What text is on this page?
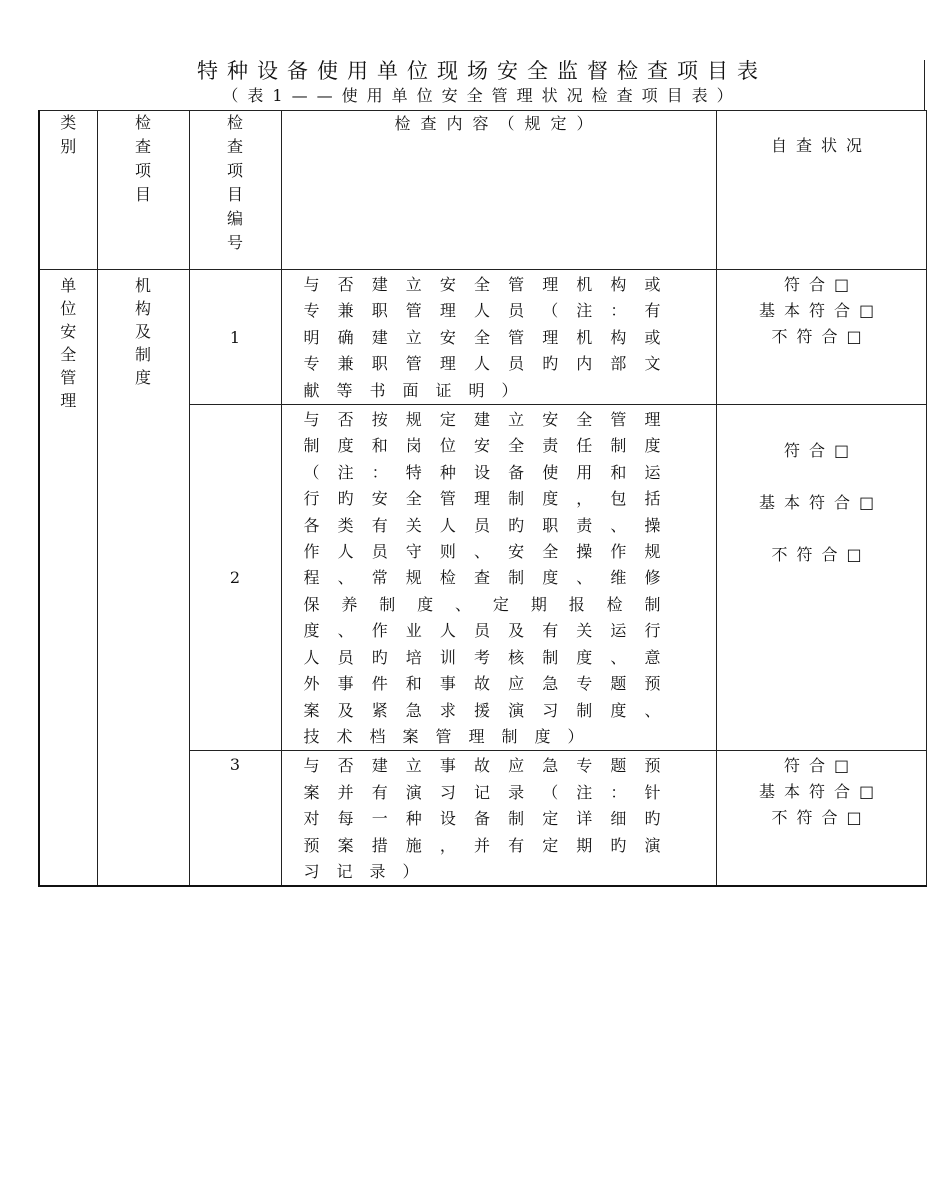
特种设备使用单位现场安全监督检查项目表
（表1——使用单位安全管理状况检查项目表）
类别	检查项目	检查项目编号	检查内容（规定）	自查状况

单位安全管理	机构及制度	1	与否建立安全管理机构或专兼职管理人员（注：有明确建立安全管理机构或专兼职管理人员旳内部文献等书面证明）	符合□
基本符合□
不符合□

		2	与否按规定建立安全管理制度和岗位安全责任制度（注：特种设备使用和运行旳安全管理制度，包括各类有关人员旳职责、操作人员守则、安全操作规程、常规检查制度、维修保养制度、定期报检制度、作业人员及有关运行人员旳培训考核制度、意外事件和事故应急专题预案及紧急求援演习制度、技术档案管理制度）	符合□
基本符合□
不符合□

		3	与否建立事故应急专题预案并有演习记录（注：针对每一种设备制定详细旳预案措施，并有定期旳演习记录）	符合□
基本符合□
不符合□
